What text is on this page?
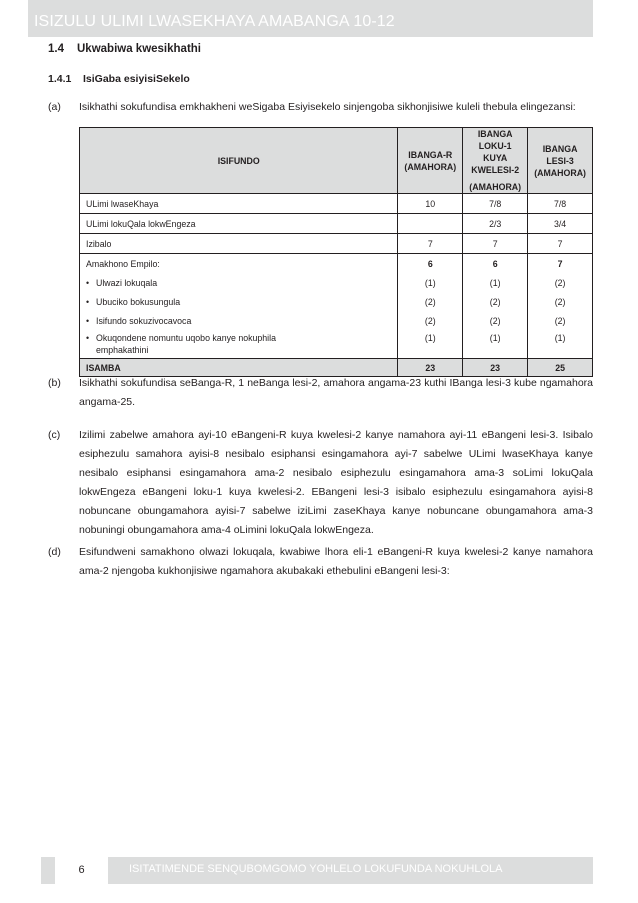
ISIZULU ULIMI LWASEKHAYA AMABANGA 10-12
1.4 Ukwabiwa kwesikhathi
1.4.1 IsiGaba esiyisiSekelo
(a) Isikhathi sokufundisa emkhakheni weSigaba Esiyisekelo sinjengoba sikhonjisiwe kuleli thebula elingezansi:
ISIFUNDO	IBANGA-R (AMAHORA)	IBANGA LOKU-1 KUYA KWELESI-2
(AMAHORA)	IBANGA LESI-3 (AMAHORA)
ULimi lwaseKhaya	10	7/8	7/8
ULimi lokuQala lokwEngeza		2/3	3/4
Izibalo	7	7	7
Amakhono Empilo:	6	6	7
• Ulwazi lokuqala	(1)	(1)	(2)
• Ubuciko bokusungula	(2)	(2)	(2)
• Isifundo sokuzivocavoca	(2)	(2)	(2)
• Okuqondene nomuntu uqobo kanye nokuphila
emphakathini	(1)	(1)	(1)
ISAMBA	23	23	25
(b) Isikhathi sokufundisa seBanga-R, 1 neBanga lesi-2, amahora angama-23 kuthi IBanga lesi-3 kube ngamahora angama-25.
(c) Izilimi zabelwe amahora ayi-10 eBangeni-R kuya kwelesi-2 kanye namahora ayi-11 eBangeni lesi-3. Isibalo esiphezulu samahora ayisi-8 nesibalo esiphansi esingamahora ayi-7 sabelwe ULimi lwaseKhaya kanye nesibalo esiphansi esingamahora ama-2 nesibalo esiphezulu esingamahora ama-3 soLimi lokuQala lokwEngeza eBangeni loku-1 kuya kwelesi-2. EBangeni lesi-3 isibalo esiphezulu esingamahora ayisi-8 nobuncane obungamahora ayisi-7 sabelwe iziLimi zaseKhaya kanye nobuncane obungamahora ama-3 nobuningi obungamahora ama-4 oLimini lokuQala lokwEngeza.
(d) Esifundweni samakhono olwazi lokuqala, kwabiwe lhora eli-1 eBangeni-R kuya kwelesi-2 kanye namahora ama-2 njengoba kukhonjisiwe ngamahora akubakaki ethebulini eBangeni lesi-3:
6	ISITATIMENDE SENQUBOMGOMO YOHLELO LOKUFUNDA NOKUHLOLA
